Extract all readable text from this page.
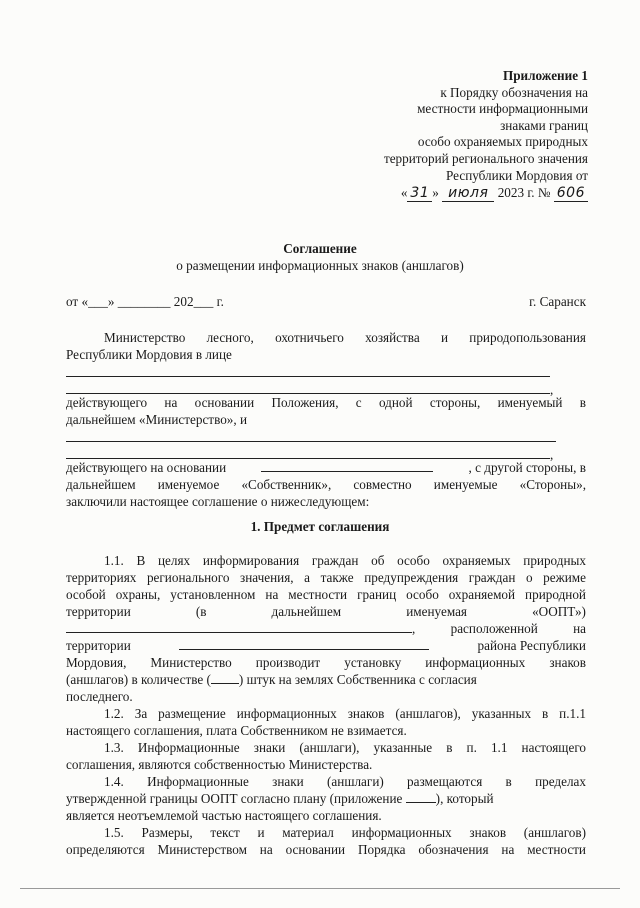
Приложение 1
к Порядку обозначения на
местности информационными
знаками границ
особо охраняемых природных
территорий регионального значения
Республики Мордовия от
« 31 » июля 2023 г. № 606
Соглашение
о размещении информационных знаков (аншлагов)
от «___» ________ 202___ г.	г. Саранск
Министерство лесного, охотничьего хозяйства и природопользования
Республики Мордовия в лице
,
действующего на основании Положения, с одной стороны, именуемый в
дальнейшем «Министерство», и
,
действующего на основании	, с другой стороны, в
дальнейшем именуемое «Собственник», совместно именуемые «Стороны»,
заключили настоящее соглашение о нижеследующем:
1. Предмет соглашения
1.1. В целях информирования граждан об особо охраняемых природных
территориях регионального значения, а также предупреждения граждан о режиме
особой охраны, установленном на местности границ особо охраняемой природной
территории	(в	дальнейшем	именуемая	«ООПТ»)
,	расположенной	на
территории	района Республики
Мордовия, Министерство производит установку информационных знаков
(аншлагов) в количестве ( ) штук на землях Собственника с согласия
последнего.
1.2. За размещение информационных знаков (аншлагов), указанных в п.1.1
настоящего соглашения, плата Собственником не взимается.
1.3. Информационные знаки (аншлаги), указанные в п. 1.1 настоящего
соглашения, являются собственностью Министерства.
1.4. Информационные знаки (аншлаги) размещаются в пределах
утвержденной границы ООПТ согласно плану (приложение	), который
является неотъемлемой частью настоящего соглашения.
1.5. Размеры, текст и материал информационных знаков (аншлагов)
определяются Министерством на основании Порядка обозначения на местности
